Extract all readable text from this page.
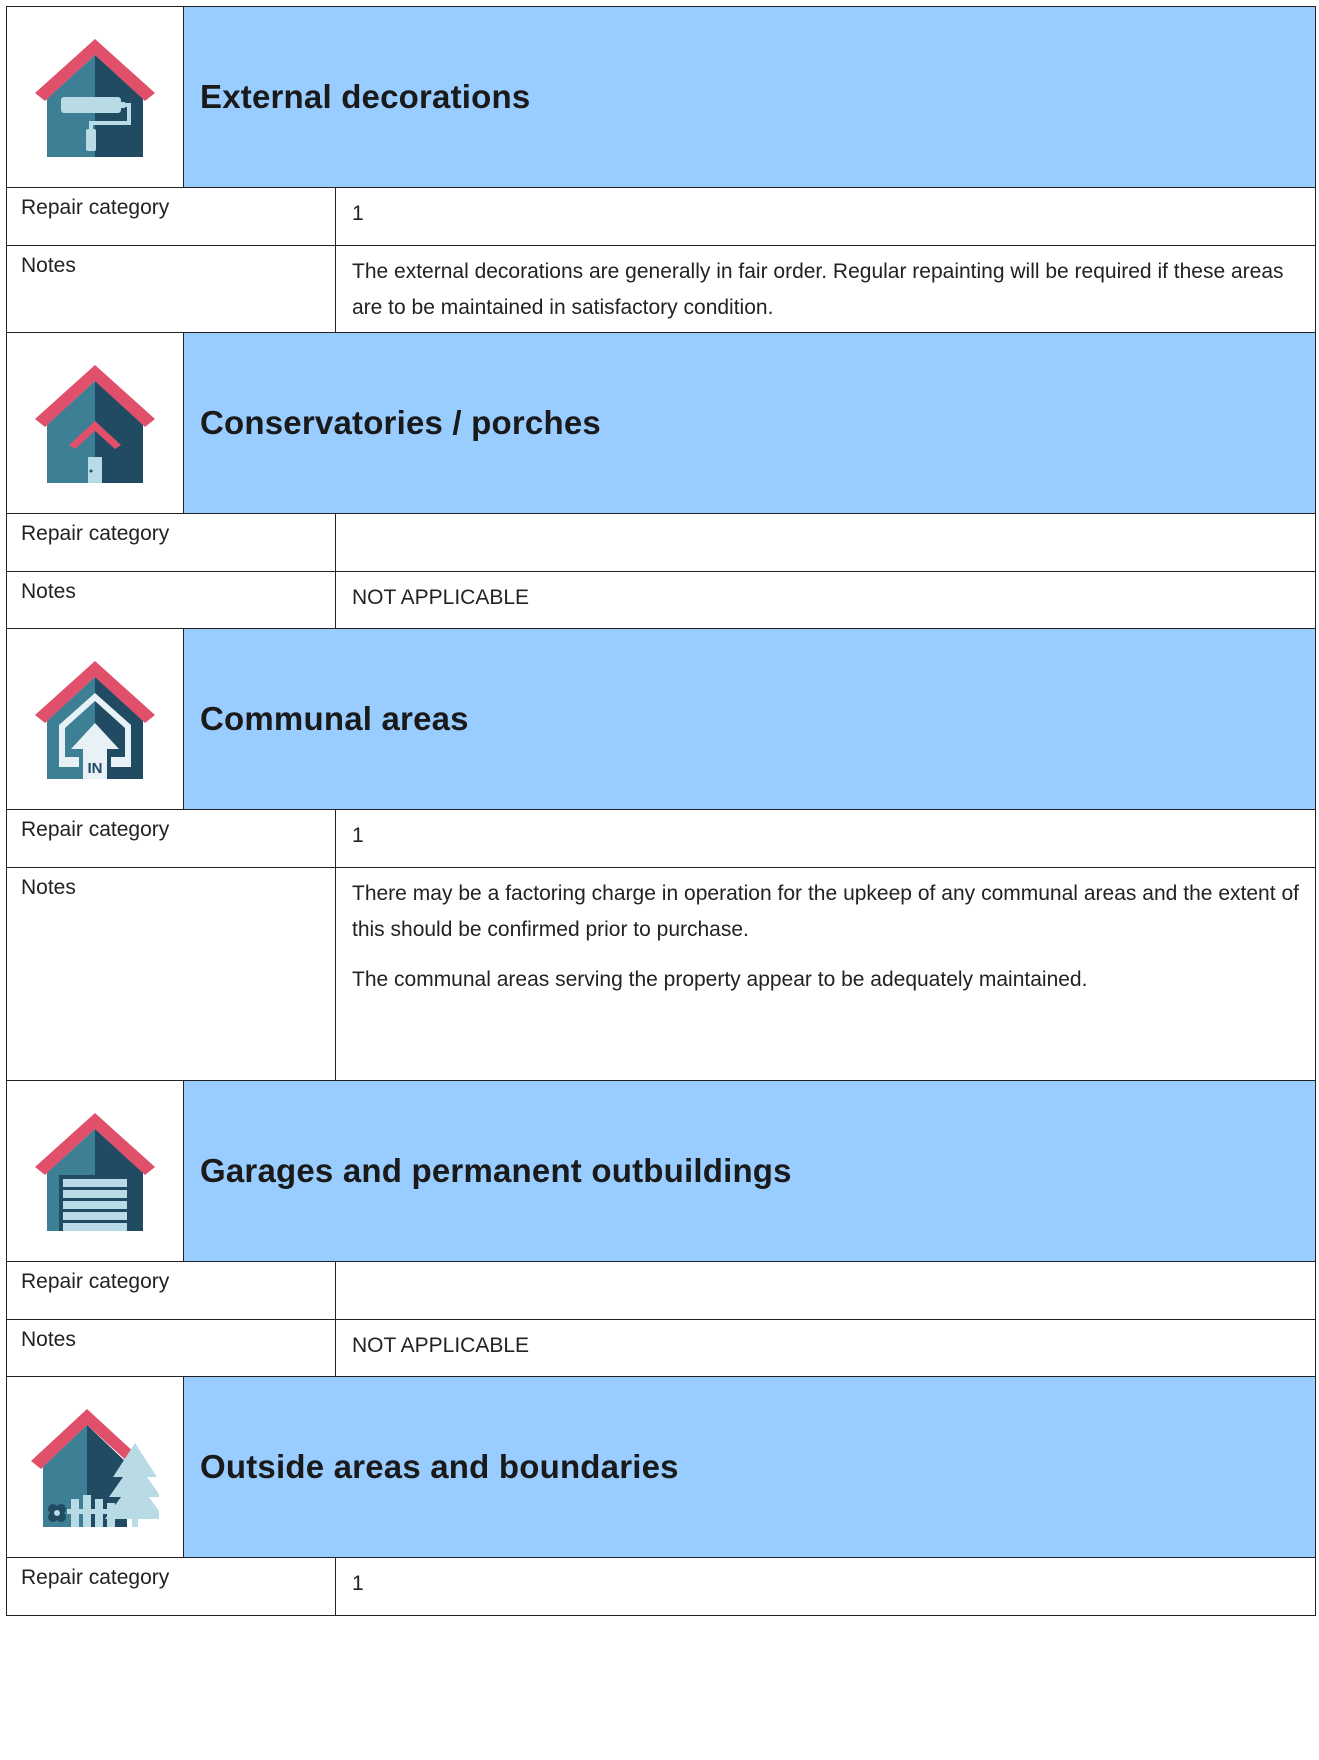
External decorations
Repair category	1
Notes	The external decorations are generally in fair order. Regular repainting will be required if these areas are to be maintained in satisfactory condition.

Conservatories / porches
Repair category
Notes	NOT APPLICABLE

IN
Communal areas
Repair category	1
Notes	There may be a factoring charge in operation for the upkeep of any communal areas and the extent of this should be confirmed prior to purchase.

The communal areas serving the property appear to be adequately maintained.

Garages and permanent outbuildings
Repair category
Notes	NOT APPLICABLE

Outside areas and boundaries
Repair category	1
